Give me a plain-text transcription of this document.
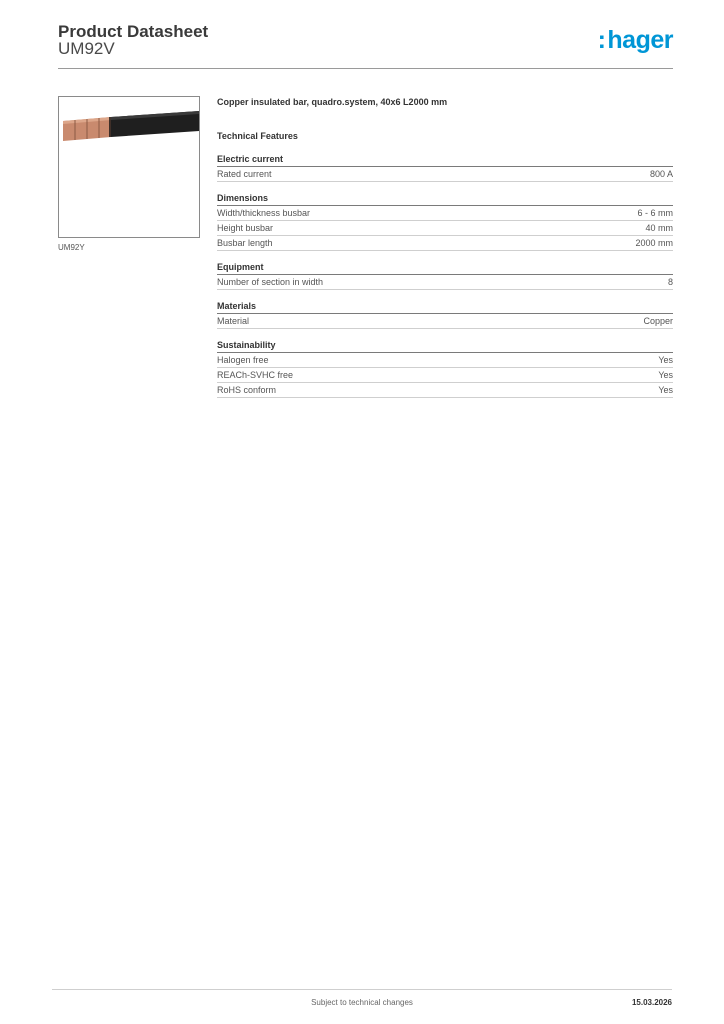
Product Datasheet
UM92V	:hager
UM92Y
Copper insulated bar, quadro.system, 40x6 L2000 mm
Technical Features
Electric current
Rated current	800 A
Dimensions
Width/thickness busbar	6 - 6 mm
Height busbar	40 mm
Busbar length	2000 mm
Equipment
Number of section in width	8
Materials
Material	Copper
Sustainability
Halogen free	Yes
REACh-SVHC free	Yes
RoHS conform	Yes
Subject to technical changes	15.03.2026
